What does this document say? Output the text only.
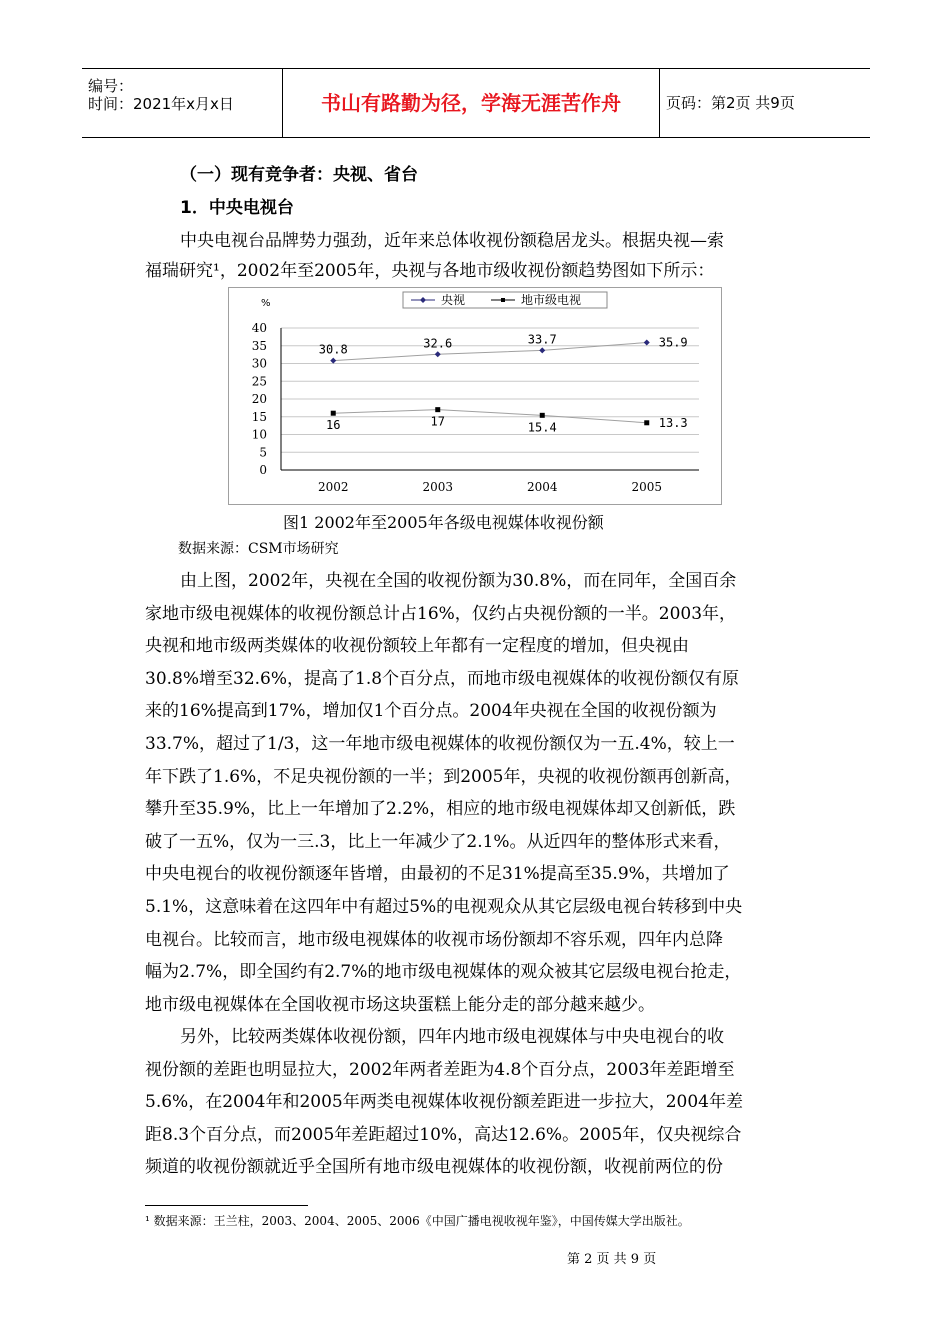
编号：
时间：2021年x月x日	书山有路勤为径，学海无涯苦作舟	页码：第2页 共9页
（一）现有竞争者：央视、省台
1．中央电视台
中央电视台品牌势力强劲，近年来总体收视份额稳居龙头。根据央视—索
福瑞研究¹，2002年至2005年，央视与各地市级收视份额趋势图如下所示：
0
5
10
15
20
25
30
35
40
%
2002	2003	2004	2005
央视	地市级电视
30.8	32.6	33.7	35.9
16	17	15.4	13.3
图1 2002年至2005年各级电视媒体收视份额
数据来源：CSM市场研究
由上图，2002年，央视在全国的收视份额为30.8%，而在同年，全国百余
家地市级电视媒体的收视份额总计占16%，仅约占央视份额的一半。2003年，
央视和地市级两类媒体的收视份额较上年都有一定程度的增加，但央视由
30.8%增至32.6%，提高了1.8个百分点，而地市级电视媒体的收视份额仅有原
来的16%提高到17%，增加仅1个百分点。2004年央视在全国的收视份额为
33.7%，超过了1/3，这一年地市级电视媒体的收视份额仅为一五.4%，较上一
年下跌了1.6%，不足央视份额的一半；到2005年，央视的收视份额再创新高，
攀升至35.9%，比上一年增加了2.2%，相应的地市级电视媒体却又创新低，跌
破了一五%，仅为一三.3，比上一年减少了2.1%。从近四年的整体形式来看，
中央电视台的收视份额逐年皆增，由最初的不足31%提高至35.9%，共增加了
5.1%，这意味着在这四年中有超过5%的电视观众从其它层级电视台转移到中央
电视台。比较而言，地市级电视媒体的收视市场份额却不容乐观，四年内总降
幅为2.7%，即全国约有2.7%的地市级电视媒体的观众被其它层级电视台抢走，
地市级电视媒体在全国收视市场这块蛋糕上能分走的部分越来越少。
另外，比较两类媒体收视份额，四年内地市级电视媒体与中央电视台的收
视份额的差距也明显拉大，2002年两者差距为4.8个百分点，2003年差距增至
5.6%，在2004年和2005年两类电视媒体收视份额差距进一步拉大，2004年差
距8.3个百分点，而2005年差距超过10%，高达12.6%。2005年，仅央视综合
频道的收视份额就近乎全国所有地市级电视媒体的收视份额，收视前两位的份
¹ 数据来源：王兰柱，2003、2004、2005、2006《中国广播电视收视年鉴》，中国传媒大学出版社。
第 2 页 共 9 页
